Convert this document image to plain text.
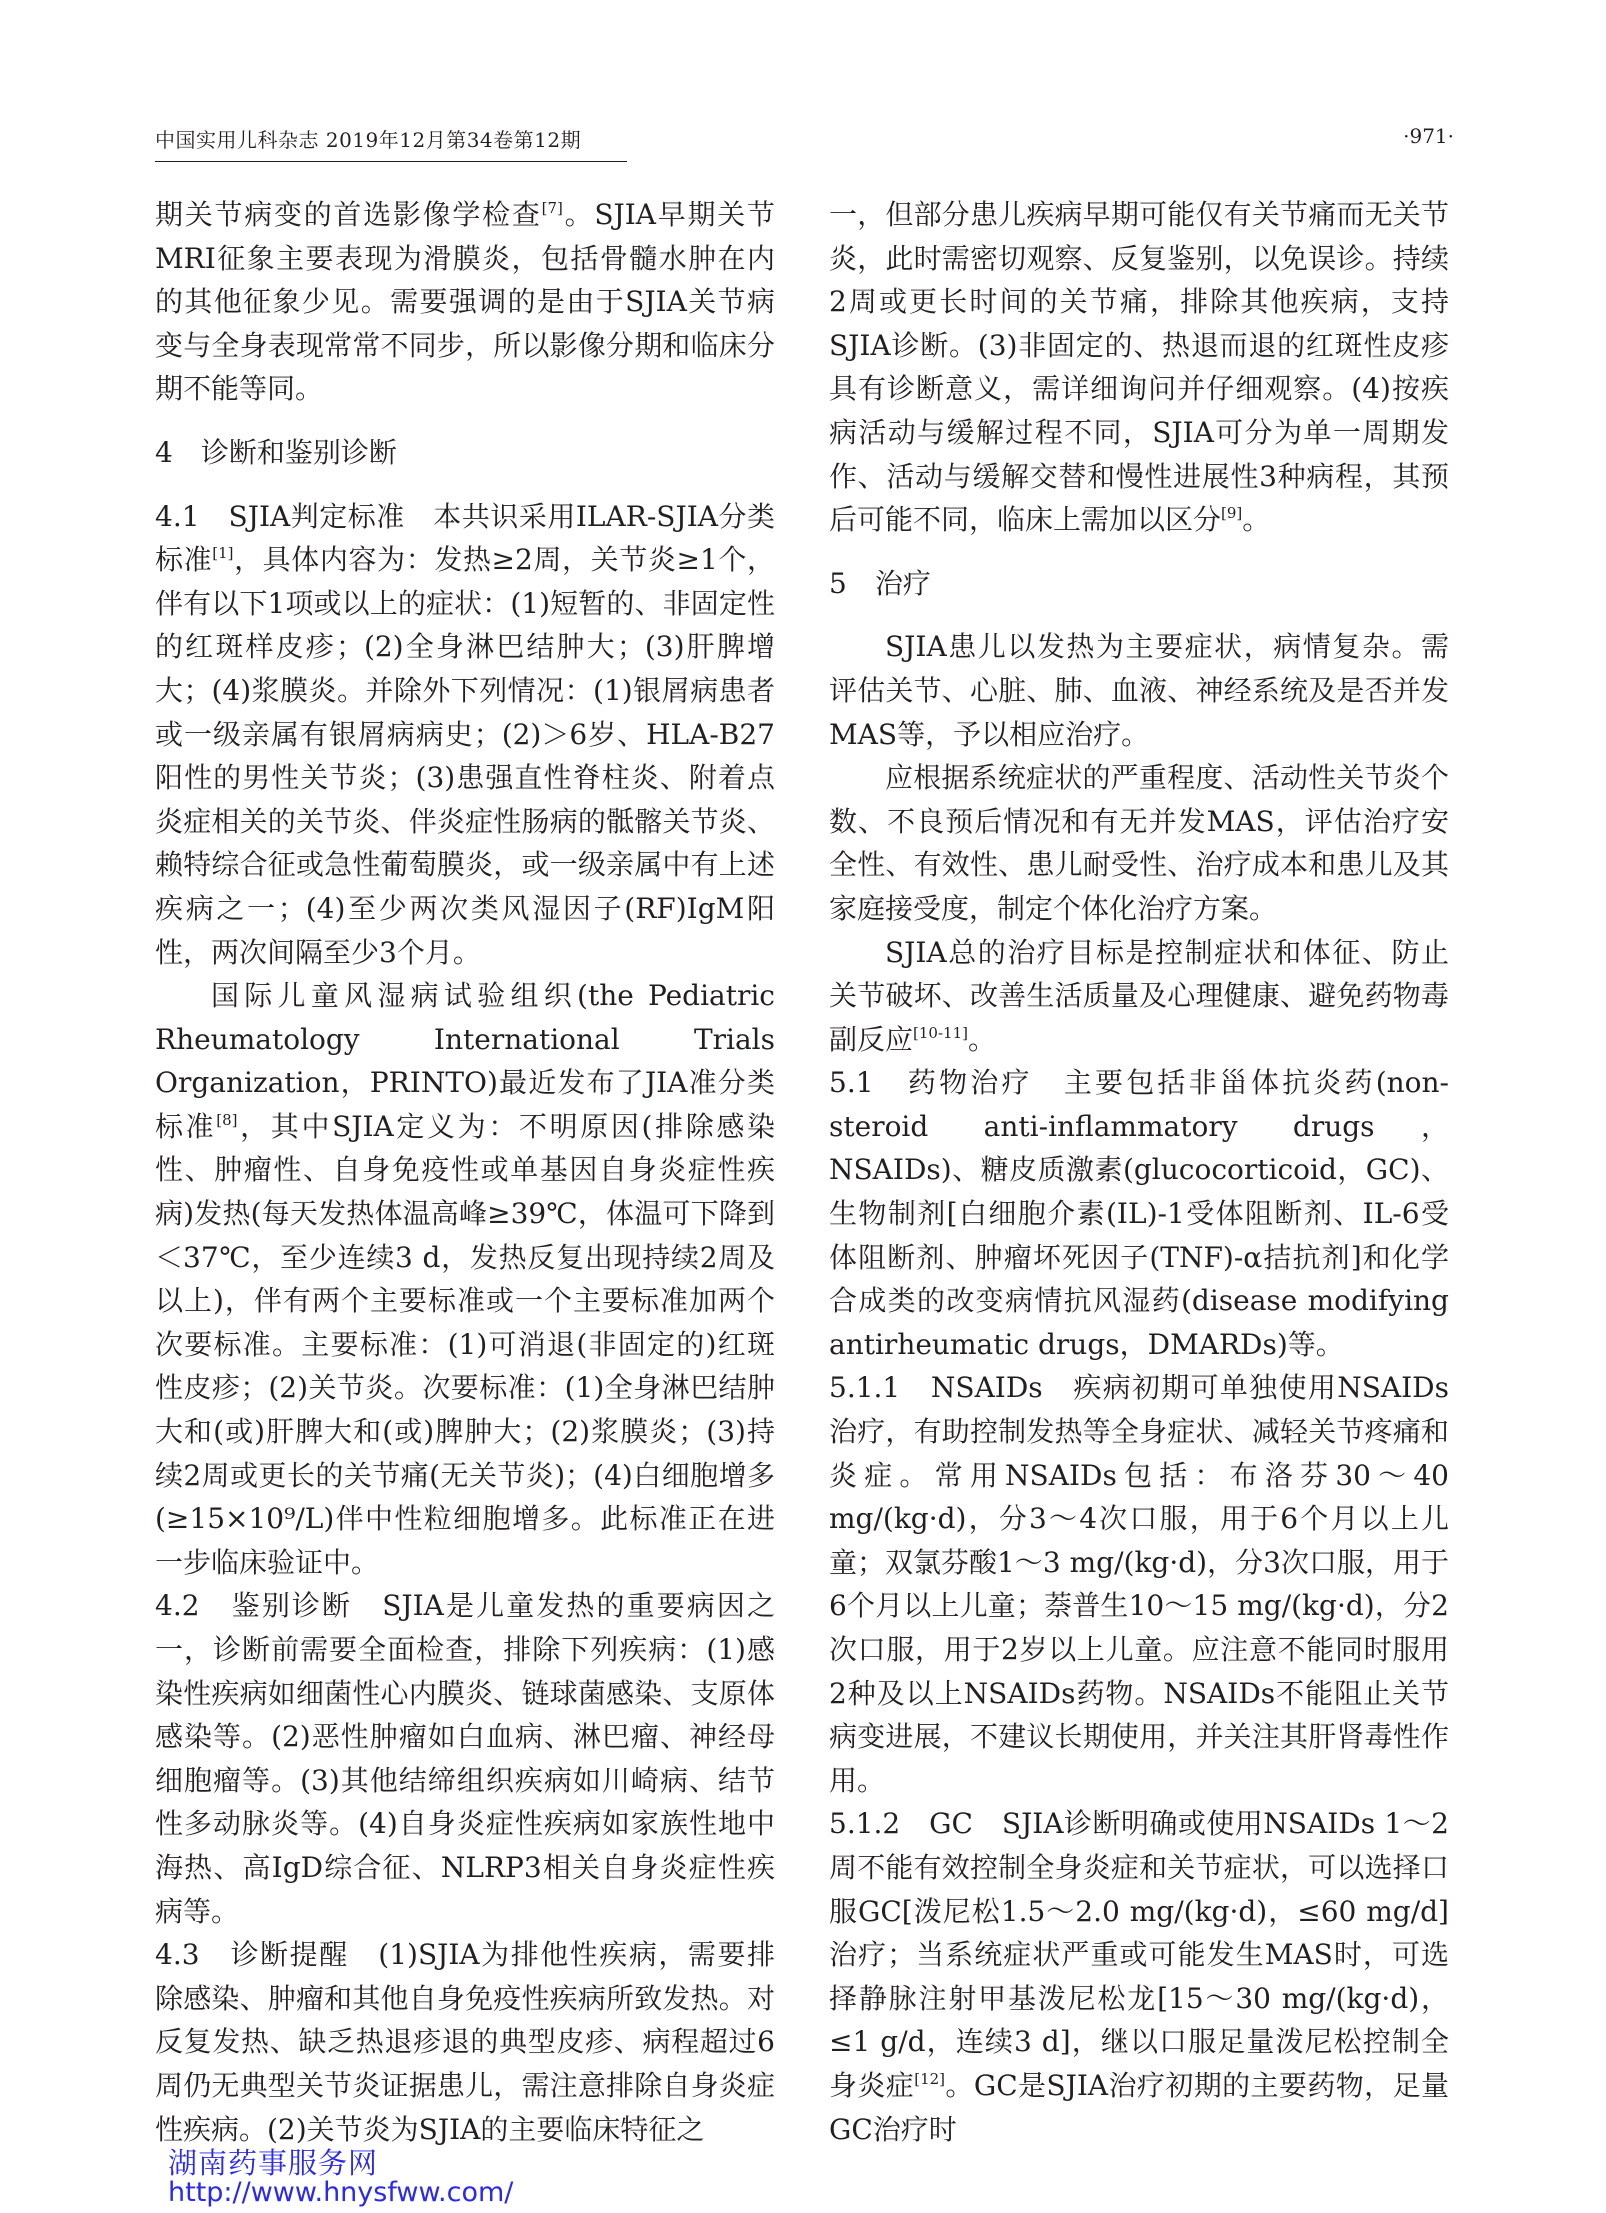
中国实用儿科杂志 2019年12月第34卷第12期	·971·

期关节病变的首选影像学检查[7]。SJIA早期关节MRI征象主要表现为滑膜炎，包括骨髓水肿在内的其他征象少见。需要强调的是由于SJIA关节病变与全身表现常常不同步，所以影像分期和临床分期不能等同。

4　诊断和鉴别诊断

4.1　SJIA判定标准　本共识采用ILAR-SJIA分类标准[1]，具体内容为：发热≥2周，关节炎≥1个，伴有以下1项或以上的症状：(1)短暂的、非固定性的红斑样皮疹；(2)全身淋巴结肿大；(3)肝脾增大；(4)浆膜炎。并除外下列情况：(1)银屑病患者或一级亲属有银屑病病史；(2)＞6岁、HLA-B27阳性的男性关节炎；(3)患强直性脊柱炎、附着点炎症相关的关节炎、伴炎症性肠病的骶髂关节炎、赖特综合征或急性葡萄膜炎，或一级亲属中有上述疾病之一；(4)至少两次类风湿因子(RF)IgM阳性，两次间隔至少3个月。

国际儿童风湿病试验组织(the Pediatric Rheumatology International Trials Organization，PRINTO)最近发布了JIA准分类标准[8]，其中SJIA定义为：不明原因(排除感染性、肿瘤性、自身免疫性或单基因自身炎症性疾病)发热(每天发热体温高峰≥39℃，体温可下降到＜37℃，至少连续3 d，发热反复出现持续2周及以上)，伴有两个主要标准或一个主要标准加两个次要标准。主要标准：(1)可消退(非固定的)红斑性皮疹；(2)关节炎。次要标准：(1)全身淋巴结肿大和(或)肝脾大和(或)脾肿大；(2)浆膜炎；(3)持续2周或更长的关节痛(无关节炎)；(4)白细胞增多(≥15×10⁹/L)伴中性粒细胞增多。此标准正在进一步临床验证中。

4.2　鉴别诊断　SJIA是儿童发热的重要病因之一，诊断前需要全面检查，排除下列疾病：(1)感染性疾病如细菌性心内膜炎、链球菌感染、支原体感染等。(2)恶性肿瘤如白血病、淋巴瘤、神经母细胞瘤等。(3)其他结缔组织疾病如川崎病、结节性多动脉炎等。(4)自身炎症性疾病如家族性地中海热、高IgD综合征、NLRP3相关自身炎症性疾病等。

4.3　诊断提醒　(1)SJIA为排他性疾病，需要排除感染、肿瘤和其他自身免疫性疾病所致发热。对反复发热、缺乏热退疹退的典型皮疹、病程超过6周仍无典型关节炎证据患儿，需注意排除自身炎症性疾病。(2)关节炎为SJIA的主要临床特征之

一，但部分患儿疾病早期可能仅有关节痛而无关节炎，此时需密切观察、反复鉴别，以免误诊。持续2周或更长时间的关节痛，排除其他疾病，支持SJIA诊断。(3)非固定的、热退而退的红斑性皮疹具有诊断意义，需详细询问并仔细观察。(4)按疾病活动与缓解过程不同，SJIA可分为单一周期发作、活动与缓解交替和慢性进展性3种病程，其预后可能不同，临床上需加以区分[9]。

5　治疗

SJIA患儿以发热为主要症状，病情复杂。需评估关节、心脏、肺、血液、神经系统及是否并发MAS等，予以相应治疗。

应根据系统症状的严重程度、活动性关节炎个数、不良预后情况和有无并发MAS，评估治疗安全性、有效性、患儿耐受性、治疗成本和患儿及其家庭接受度，制定个体化治疗方案。

SJIA总的治疗目标是控制症状和体征、防止关节破坏、改善生活质量及心理健康、避免药物毒副反应[10-11]。

5.1　药物治疗　主要包括非甾体抗炎药(non-steroid anti-inflammatory drugs，NSAIDs)、糖皮质激素(glucocorticoid，GC)、生物制剂[白细胞介素(IL)-1受体阻断剂、IL-6受体阻断剂、肿瘤坏死因子(TNF)-α拮抗剂]和化学合成类的改变病情抗风湿药(disease modifying antirheumatic drugs，DMARDs)等。

5.1.1　NSAIDs　疾病初期可单独使用NSAIDs治疗，有助控制发热等全身症状、减轻关节疼痛和炎症。常用NSAIDs包括：布洛芬30～40 mg/(kg·d)，分3～4次口服，用于6个月以上儿童；双氯芬酸1～3 mg/(kg·d)，分3次口服，用于6个月以上儿童；萘普生10～15 mg/(kg·d)，分2次口服，用于2岁以上儿童。应注意不能同时服用2种及以上NSAIDs药物。NSAIDs不能阻止关节病变进展，不建议长期使用，并关注其肝肾毒性作用。

5.1.2　GC　SJIA诊断明确或使用NSAIDs 1～2周不能有效控制全身炎症和关节症状，可以选择口服GC[泼尼松1.5～2.0 mg/(kg·d)，≤60 mg/d]治疗；当系统症状严重或可能发生MAS时，可选择静脉注射甲基泼尼松龙[15～30 mg/(kg·d)，≤1 g/d，连续3 d]，继以口服足量泼尼松控制全身炎症[12]。GC是SJIA治疗初期的主要药物，足量GC治疗时

湖南药事服务网
http://www.hnysfww.com/
